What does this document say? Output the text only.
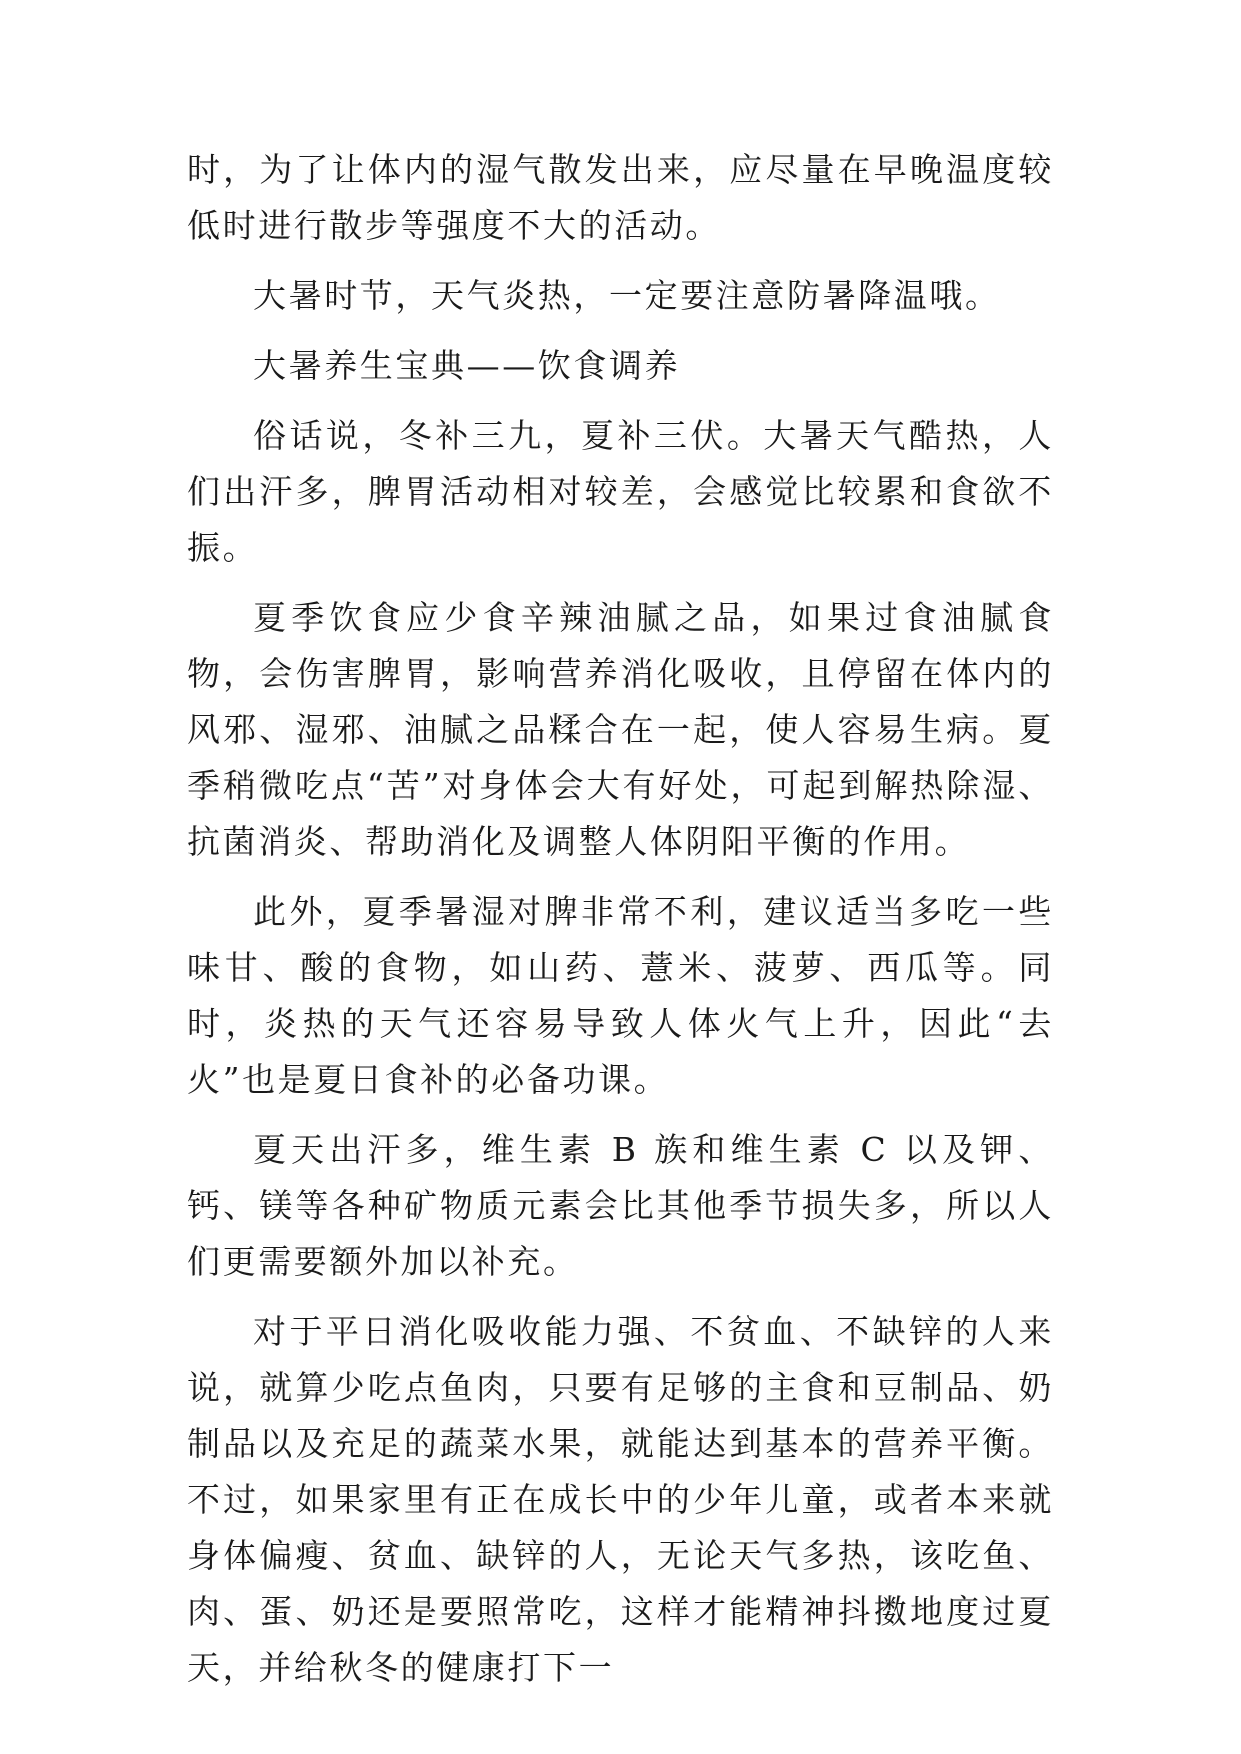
时，为了让体内的湿气散发出来，应尽量在早晚温度较低时进行散步等强度不大的活动。

大暑时节，天气炎热，一定要注意防暑降温哦。

大暑养生宝典——饮食调养

俗话说，冬补三九，夏补三伏。大暑天气酷热，人们出汗多，脾胃活动相对较差，会感觉比较累和食欲不振。

夏季饮食应少食辛辣油腻之品，如果过食油腻食物，会伤害脾胃，影响营养消化吸收，且停留在体内的风邪、湿邪、油腻之品糅合在一起，使人容易生病。夏季稍微吃点“苦”对身体会大有好处，可起到解热除湿、抗菌消炎、帮助消化及调整人体阴阳平衡的作用。

此外，夏季暑湿对脾非常不利，建议适当多吃一些味甘、酸的食物，如山药、薏米、菠萝、西瓜等。同时，炎热的天气还容易导致人体火气上升，因此“去火”也是夏日食补的必备功课。

夏天出汗多，维生素 B 族和维生素 C 以及钾、钙、镁等各种矿物质元素会比其他季节损失多，所以人们更需要额外加以补充。

对于平日消化吸收能力强、不贫血、不缺锌的人来说，就算少吃点鱼肉，只要有足够的主食和豆制品、奶制品以及充足的蔬菜水果，就能达到基本的营养平衡。不过，如果家里有正在成长中的少年儿童，或者本来就身体偏瘦、贫血、缺锌的人，无论天气多热，该吃鱼、肉、蛋、奶还是要照常吃，这样才能精神抖擞地度过夏天，并给秋冬的健康打下一
